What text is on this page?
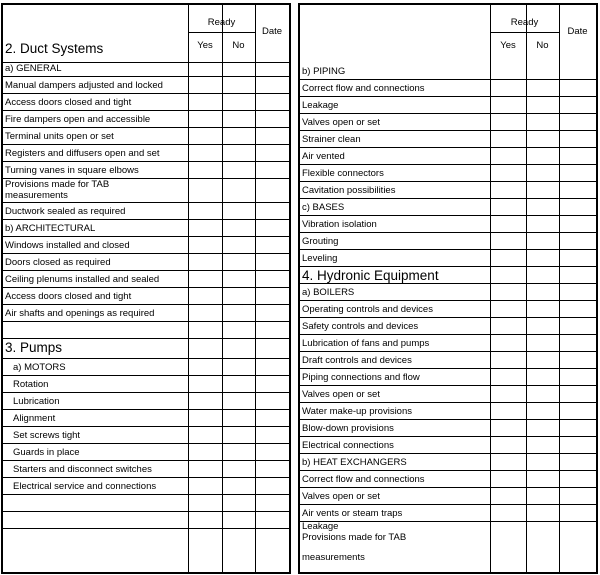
Ready
Yes	No
Date
2. Duct Systems
a) GENERAL
Manual dampers adjusted and locked
Access doors closed and tight
Fire dampers open and accessible
Terminal units open or set
Registers and diffusers open and set
Turning vanes in square elbows
Provisions made for TAB measurements
Ductwork sealed as required
b) ARCHITECTURAL
Windows installed and closed
Doors closed as required
Ceiling plenums installed and sealed
Access doors closed and tight
Air shafts and openings as required
3. Pumps
a) MOTORS
Rotation
Lubrication
Alignment
Set screws tight
Guards in place
Starters and disconnect switches
Electrical service and connections
Ready
Yes	No
Date
b) PIPING
Correct flow and connections
Leakage
Valves open or set
Strainer clean
Air vented
Flexible connectors
Cavitation possibilities
c) BASES
Vibration isolation
Grouting
Leveling
4. Hydronic Equipment
a) BOILERS
Operating controls and devices
Safety controls and devices
Lubrication of fans and pumps
Draft controls and devices
Piping connections and flow
Valves open or set
Water make-up provisions
Blow-down provisions
Electrical connections
b) HEAT EXCHANGERS
Correct flow and connections
Valves open or set
Air vents or steam traps
Leakage
Provisions made for TAB
measurements
